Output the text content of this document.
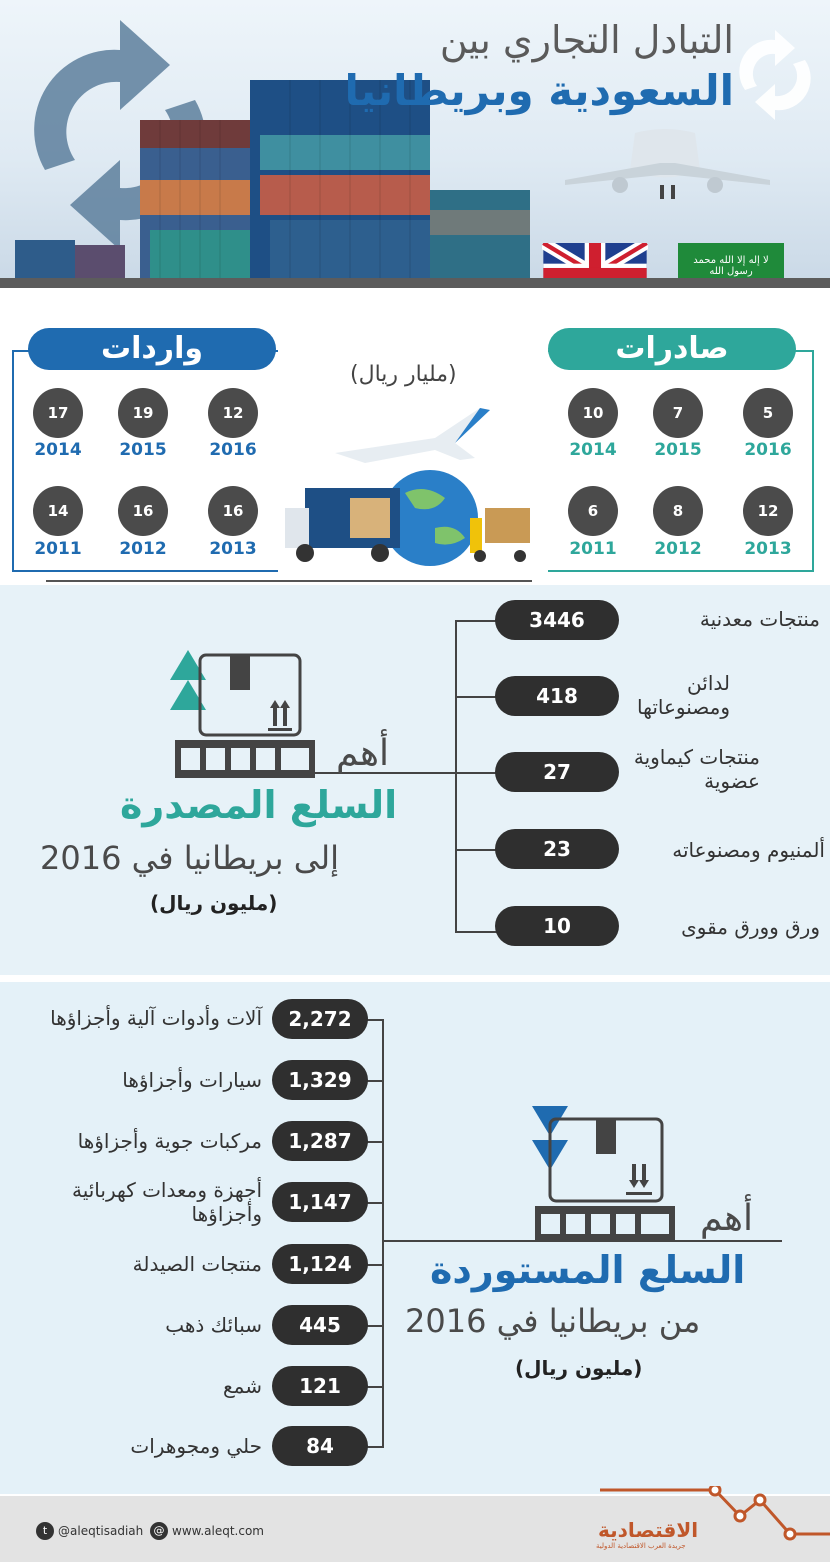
التبادل التجاري بين
السعودية وبريطانيا
لا إله إلا الله محمد رسول الله
واردات
12
19
17
2016
2015
2014
16
16
14
2013
2012
2011
صادرات
5
7
10
2016
2015
2014
12
8
6
2013
2012
2011
(مليار ريال)
3446
418
27
23
10
منتجات معدنية
لدائن ومصنوعاتها
منتجات كيماوية عضوية
ألمنيوم ومصنوعاته
ورق وورق مقوى
أهم
السلع المصدرة
إلى بريطانيا في 2016
(مليون ريال)
2,272
1,329
1,287
1,147
1,124
445
121
84
آلات وأدوات آلية وأجزاؤها
سيارات وأجزاؤها
مركبات جوية وأجزاؤها
أجهزة ومعدات كهربائية وأجزاؤها
منتجات الصيدلة
سبائك ذهب
شمع
حلي ومجوهرات
أهم
السلع المستوردة
من بريطانيا في 2016
(مليون ريال)
t @aleqtisadiah @ www.aleqt.com	الاقتصادية
جريدة العرب الاقتصادية الدولية
